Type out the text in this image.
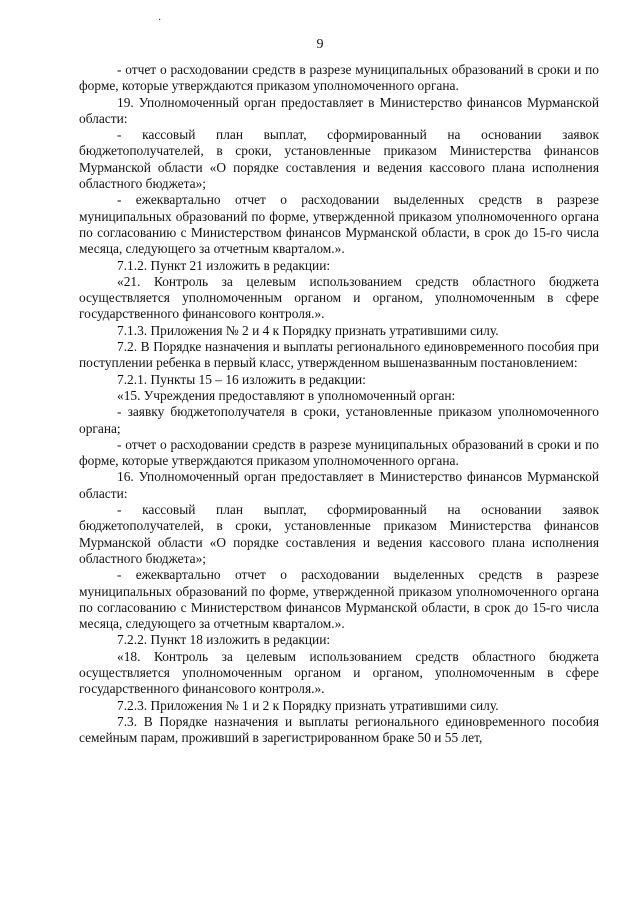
·
9

- отчет о расходовании средств в разрезе муниципальных образований в сроки и по форме, которые утверждаются приказом уполномоченного органа.

19. Уполномоченный орган предоставляет в Министерство финансов Мурманской области:

- кассовый план выплат, сформированный на основании заявок бюджетополучателей, в сроки, установленные приказом Министерства финансов Мурманской области «О порядке составления и ведения кассового плана исполнения областного бюджета»;

- ежеквартально отчет о расходовании выделенных средств в разрезе муниципальных образований по форме, утвержденной приказом уполномоченного органа по согласованию с Министерством финансов Мурманской области, в срок до 15-го числа месяца, следующего за отчетным кварталом.».

7.1.2. Пункт 21 изложить в редакции:

«21. Контроль за целевым использованием средств областного бюджета осуществляется уполномоченным органом и органом, уполномоченным в сфере государственного финансового контроля.».

7.1.3. Приложения № 2 и 4 к Порядку признать утратившими силу.

7.2. В Порядке назначения и выплаты регионального единовременного пособия при поступлении ребенка в первый класс, утвержденном вышеназванным постановлением:

7.2.1. Пункты 15 – 16 изложить в редакции:

«15. Учреждения предоставляют в уполномоченный орган:

- заявку бюджетополучателя в сроки, установленные приказом уполномоченного органа;

- отчет о расходовании средств в разрезе муниципальных образований в сроки и по форме, которые утверждаются приказом уполномоченного органа.

16. Уполномоченный орган предоставляет в Министерство финансов Мурманской области:

- кассовый план выплат, сформированный на основании заявок бюджетополучателей, в сроки, установленные приказом Министерства финансов Мурманской области «О порядке составления и ведения кассового плана исполнения областного бюджета»;

- ежеквартально отчет о расходовании выделенных средств в разрезе муниципальных образований по форме, утвержденной приказом уполномоченного органа по согласованию с Министерством финансов Мурманской области, в срок до 15-го числа месяца, следующего за отчетным кварталом.».

7.2.2. Пункт 18 изложить в редакции:

«18. Контроль за целевым использованием средств областного бюджета осуществляется уполномоченным органом и органом, уполномоченным в сфере государственного финансового контроля.».

7.2.3. Приложения № 1 и 2 к Порядку признать утратившими силу.

7.3. В Порядке назначения и выплаты регионального единовременного пособия семейным парам, проживший в зарегистрированном браке 50 и 55 лет,
